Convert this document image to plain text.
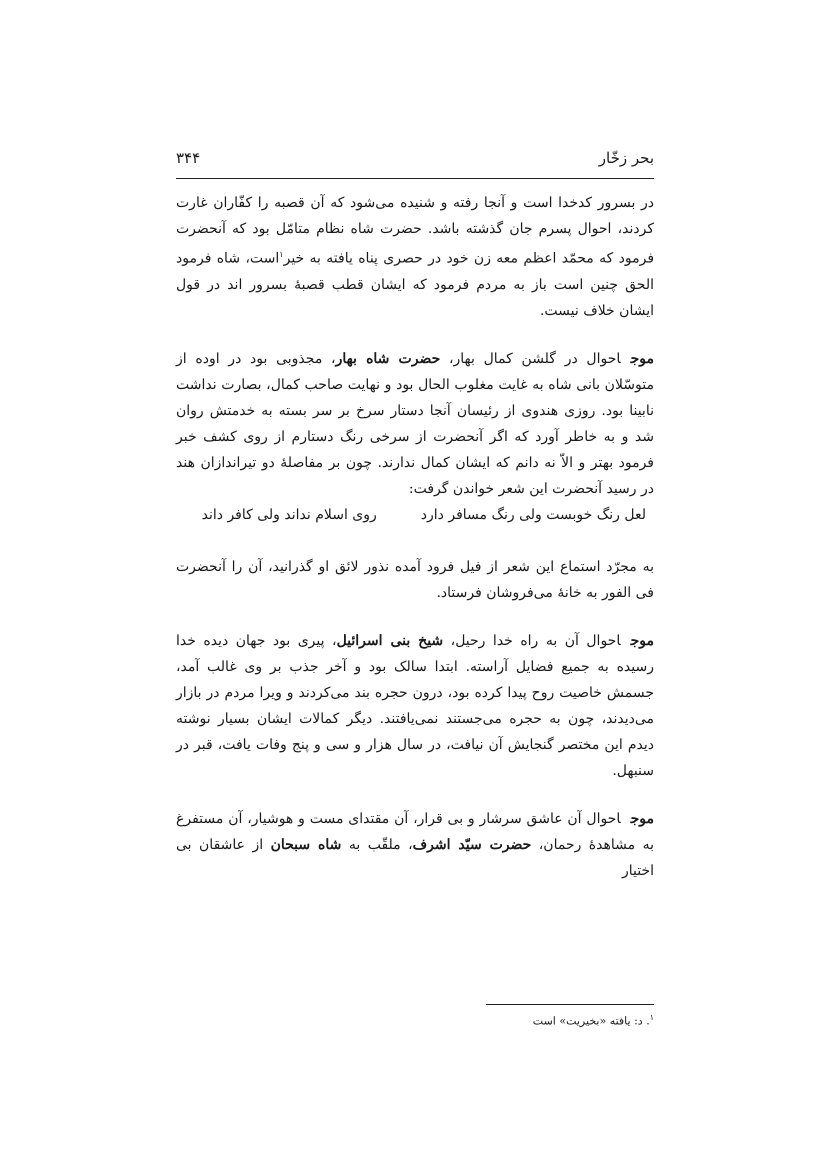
۳۴۴	بحر زخّار

در بسرور کدخدا است و آنجا رفته و شنیده می‌شود که آن قصبه را کفّاران غارت کردند، احوال پسرم جان گذشته باشد. حضرت شاه نظام متامّل بود که آنحضرت فرمود که محمّد اعظم معه زن خود در حصری پناه یافته به خیر$^۱$است، شاه فرمود الحق چنین است باز به مردم فرمود که ایشان قطب قصبهٔ بسرور اند در قول ایشان خلاف نیست.

موجاحوال در گلشن کمال بهار، حضرت شاه بهار، مجذوبی بود در اوده از متوسّلان بانی شاه به غایت مغلوب الحال بود و نهایت صاحب کمال، بصارت نداشت نابینا بود. روزی هندوی از رئیسان آنجا دستار سرخ بر سر بسته به خدمتش روان شد و به خاطر آورد که اگر آنحضرت از سرخی رنگ دستارم از روی کشف خبر فرمود بهتر و الاّ نه دانم که ایشان کمال ندارند. چون بر مفاصلهٔ دو تیراندازان هند در رسید آنحضرت این شعر خواندن گرفت:

لعل رنگ خوبست ولی رنگ مسافر دارد
روی اسلام نداند ولی کافر داند

به مجرّد استماع این شعر از فیل فرود آمده نذور لائق او گذرانید، آن را آنحضرت فی الفور به خانهٔ می‌فروشان فرستاد.

موجاحوال آن به راه خدا رحیل، شیخ بنی اسرائیل، پیری بود جهان دیده خدا رسیده به جمیع فضایل آراسته. ابتدا سالک بود و آخر جذب بر وی غالب آمد، جسمش خاصیت روح پیدا کرده بود، درون حجره بند می‌کردند و ویرا مردم در بازار می‌دیدند، چون به حجره می‌جستند نمی‌یافتند. دیگر کمالات ایشان بسیار نوشته دیدم این مختصر گنجایش آن نیافت، در سال هزار و سی و پنج وفات یافت، قبر در سنبهل.

موجاحوال آن عاشق سرشار و بی قرار، آن مقتدای مست و هوشیار، آن مستفرغ به مشاهدهٔ رحمان، حضرت سیّد اشرف، ملقّب به شاه سبحان از عاشقان بی اختیار

$^۱$. د: یافته «بخیریت» است
